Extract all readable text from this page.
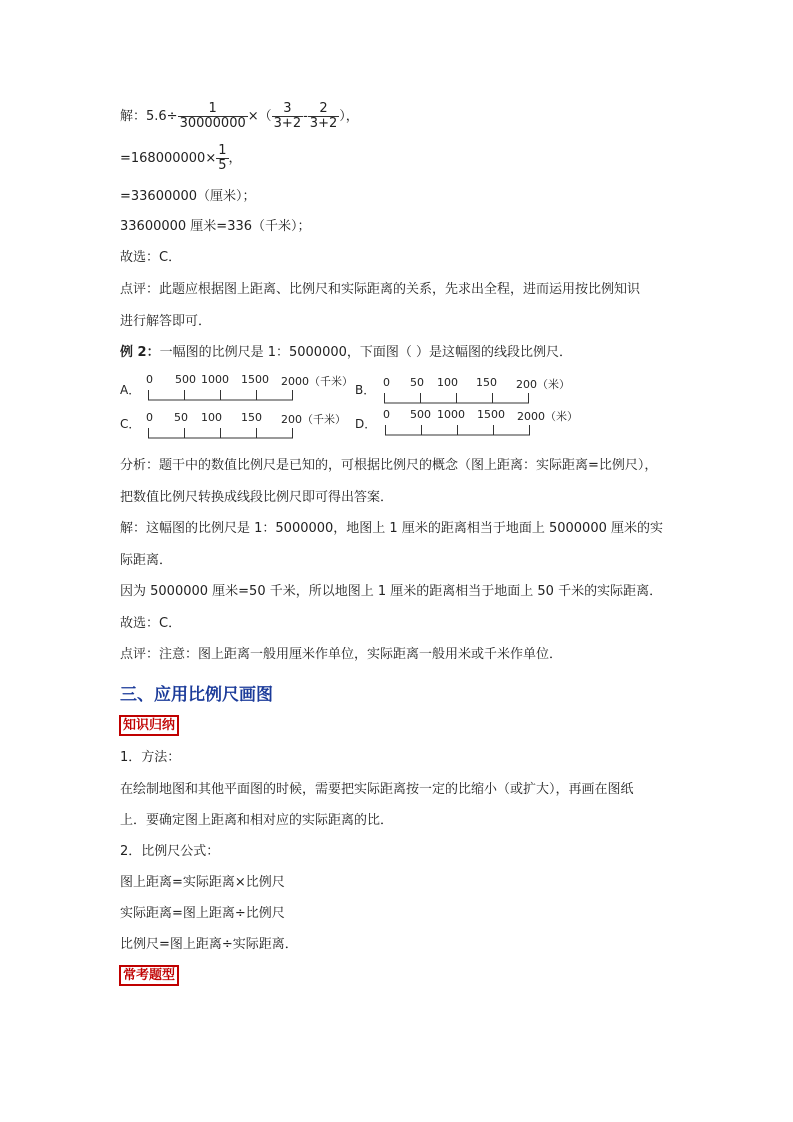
解：$5.6\div \frac{1}{30000000}$ ×（ $\frac{3}{3+2} - \frac{2}{3+2}$ ），
$=168000000\times \frac{1}{5}$ ，
=33600000（厘米）；
33600000 厘米=336（千米）；
故选：C．
点评：此题应根据图上距离、比例尺和实际距离的关系，先求出全程，进而运用按比例知识
进行解答即可．
例 2：一幅图的比例尺是 1：5000000，下面图（ ）是这幅图的线段比例尺．
A．
0 500 1000 1500 2000（千米）
B．
0 50 100 150 200（米）
C． 0 50 100 150 200（千米） D．
0 500 1000 1500 2000（米）
分析：题干中的数值比例尺是已知的，可根据比例尺的概念（图上距离：实际距离=比例尺），
把数值比例尺转换成线段比例尺即可得出答案．
解：这幅图的比例尺是 1：5000000，地图上 1 厘米的距离相当于地面上 5000000 厘米的实
际距离．
因为 5000000 厘米=50 千米，所以地图上 1 厘米的距离相当于地面上 50 千米的实际距离．
故选：C．
点评：注意：图上距离一般用厘米作单位，实际距离一般用米或千米作单位．
三、应用比例尺画图
知识归纳
1．方法：
在绘制地图和其他平面图的时候，需要把实际距离按一定的比缩小（或扩大），再画在图纸
上．要确定图上距离和相对应的实际距离的比．
2．比例尺公式：
图上距离=实际距离×比例尺
实际距离=图上距离÷比例尺
比例尺=图上距离÷实际距离．
常考题型
